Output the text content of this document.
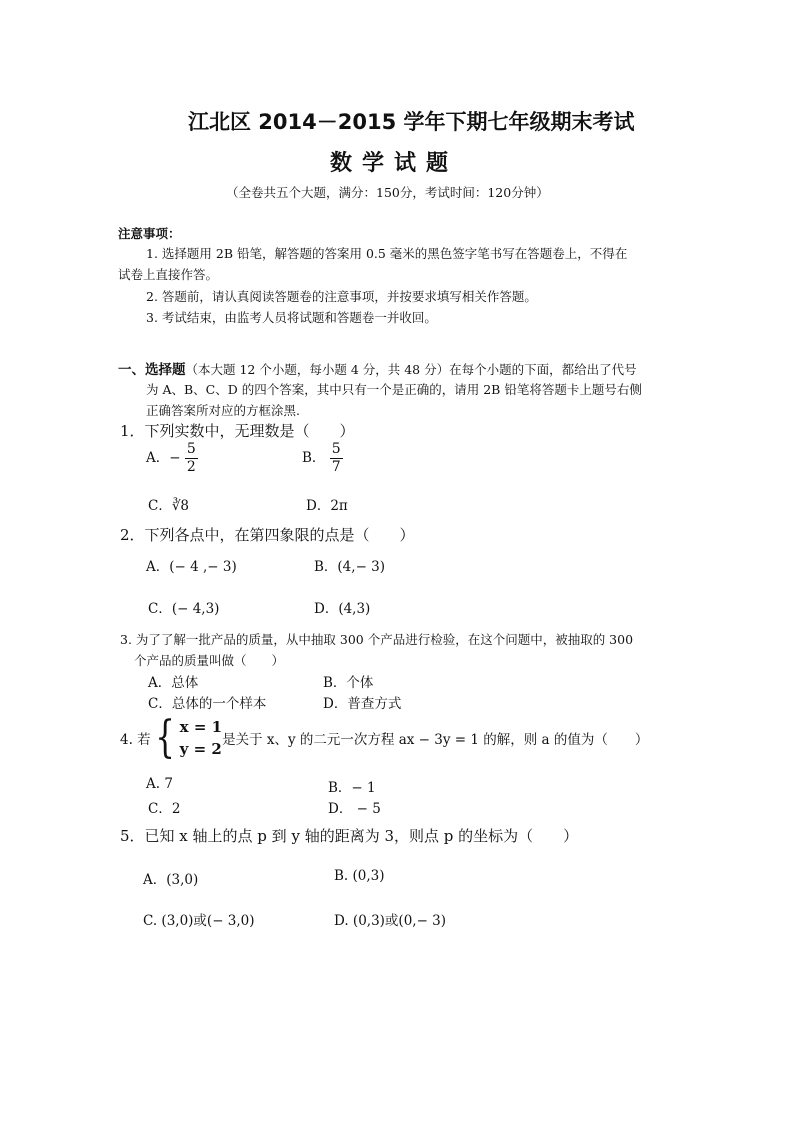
江北区 2014－2015 学年下期七年级期末考试
数学试题
（全卷共五个大题，满分：150分，考试时间：120分钟）
注意事项：
1. 选择题用 2B 铅笔，解答题的答案用 0.5 毫米的黑色签字笔书写在答题卷上，不得在
试卷上直接作答。
2. 答题前，请认真阅读答题卷的注意事项，并按要求填写相关作答题。
3. 考试结束，由监考人员将试题和答题卷一并收回。
一、选择题（本大题 12 个小题，每小题 4 分，共 48 分）在每个小题的下面，都给出了代号
为 A、B、C、D 的四个答案，其中只有一个是正确的，请用 2B 铅笔将答题卡上题号右侧
正确答案所对应的方框涂黑.
1．下列实数中，无理数是（　　）
A．− $\frac{5}{2}$	B． $\frac{5}{7}$
C．∛8	D．2π
2．下列各点中，在第四象限的点是（　　）
A．(− 4 ,− 3)	B．(4,− 3)
C．(− 4,3)	D．(4,3)
3. 为了了解一批产品的质量，从中抽取 300 个产品进行检验，在这个问题中，被抽取的 300
个产品的质量叫做（　　）
A．总体	B．个体
C．总体的一个样本	D．普查方式
4. 若 { x = 1
y = 2 是关于 x、y 的二元一次方程 ax − 3y = 1 的解，则 a 的值为（　　）
A. 7	B．− 1
C．2	D． − 5
5．已知 x 轴上的点 p 到 y 轴的距离为 3，则点 p 的坐标为（　　）
A．(3,0)	B. (0,3)
C. (3,0)或(− 3,0)	D. (0,3)或(0,− 3)
